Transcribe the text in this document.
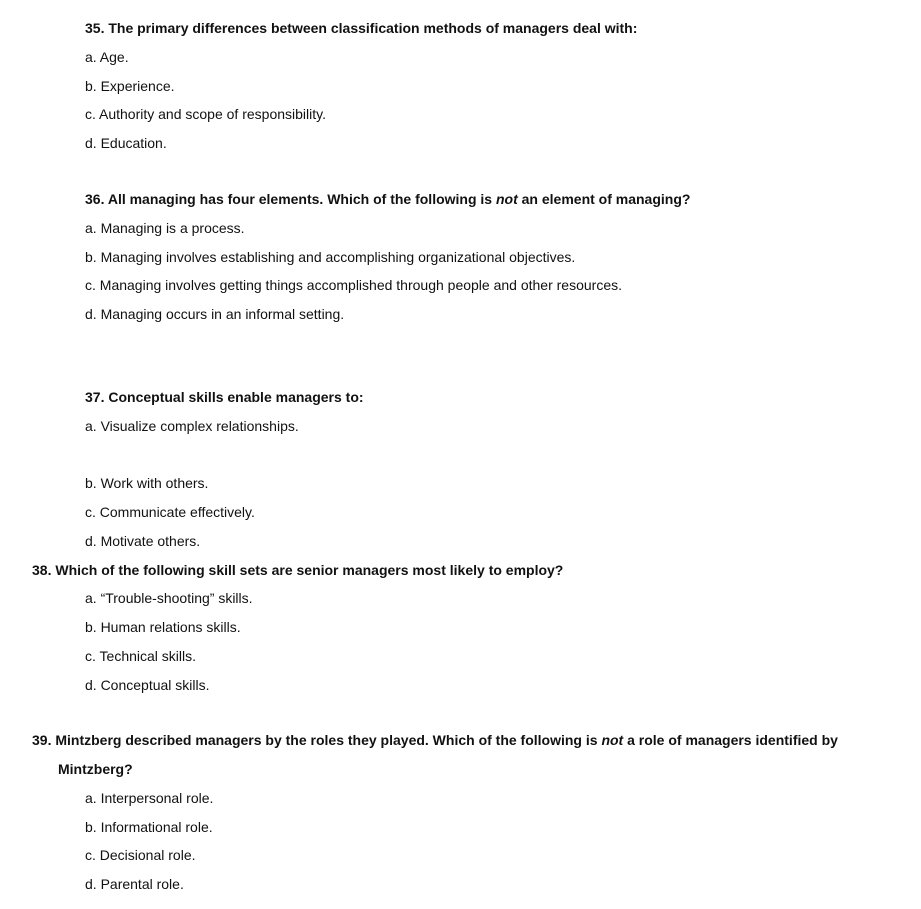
35. The primary differences between classification methods of managers deal with:
a. Age.
b. Experience.
c. Authority and scope of responsibility.
d. Education.
36. All managing has four elements. Which of the following is not an element of managing?
a. Managing is a process.
b. Managing involves establishing and accomplishing organizational objectives.
c. Managing involves getting things accomplished through people and other resources.
d. Managing occurs in an informal setting.
37. Conceptual skills enable managers to:
a. Visualize complex relationships.
b. Work with others.
c. Communicate effectively.
d. Motivate others.
38. Which of the following skill sets are senior managers most likely to employ?
a. “Trouble-shooting” skills.
b. Human relations skills.
c. Technical skills.
d. Conceptual skills.
39. Mintzberg described managers by the roles they played. Which of the following is not a role of managers identified by
Mintzberg?
a. Interpersonal role.
b. Informational role.
c. Decisional role.
d. Parental role.
